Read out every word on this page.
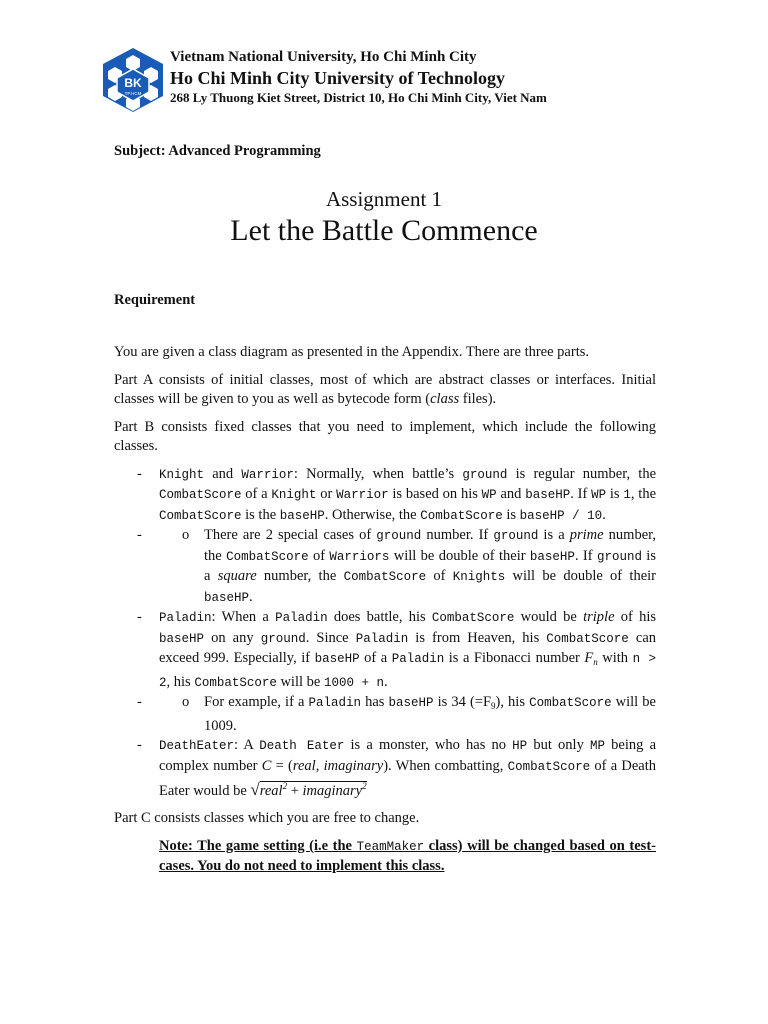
BK
TP.HCM
Vietnam National University, Ho Chi Minh City
Ho Chi Minh City University of Technology
268 Ly Thuong Kiet Street, District 10, Ho Chi Minh City, Viet Nam
Subject: Advanced Programming
Assignment 1
Let the Battle Commence
Requirement

You are given a class diagram as presented in the Appendix. There are three parts.

Part A consists of initial classes, most of which are abstract classes or interfaces. Initial classes will be given to you as well as bytecode form (class files).

Part B consists fixed classes that you need to implement, which include the following classes.

- Knight and Warrior: Normally, when battle’s ground is regular number, the CombatScore of a Knight or Warrior is based on his WP and baseHP. If WP is 1, the CombatScore is the baseHP. Otherwise, the CombatScore is baseHP / 10.
- o There are 2 special cases of ground number. If ground is a prime number, the CombatScore of Warriors will be double of their baseHP. If ground is a square number, the CombatScore of Knights will be double of their baseHP.
- Paladin: When a Paladin does battle, his CombatScore would be triple of his baseHP on any ground. Since Paladin is from Heaven, his CombatScore can exceed 999. Especially, if baseHP of a Paladin is a Fibonacci number $F_n$ with n > 2, his CombatScore will be 1000 + n.
- o For example, if a Paladin has baseHP is 34 $(=F_9)$, his CombatScore will be 1009.
- DeathEater: A Death Eater is a monster, who has no HP but only MP being a complex number C = (real, imaginary). When combatting, CombatScore of a Death Eater would be √real$^2$ + imaginary$^2$

Part C consists classes which you are free to change.

Note: The game setting (i.e the TeamMaker class) will be changed based on test-cases. You do not need to implement this class.
